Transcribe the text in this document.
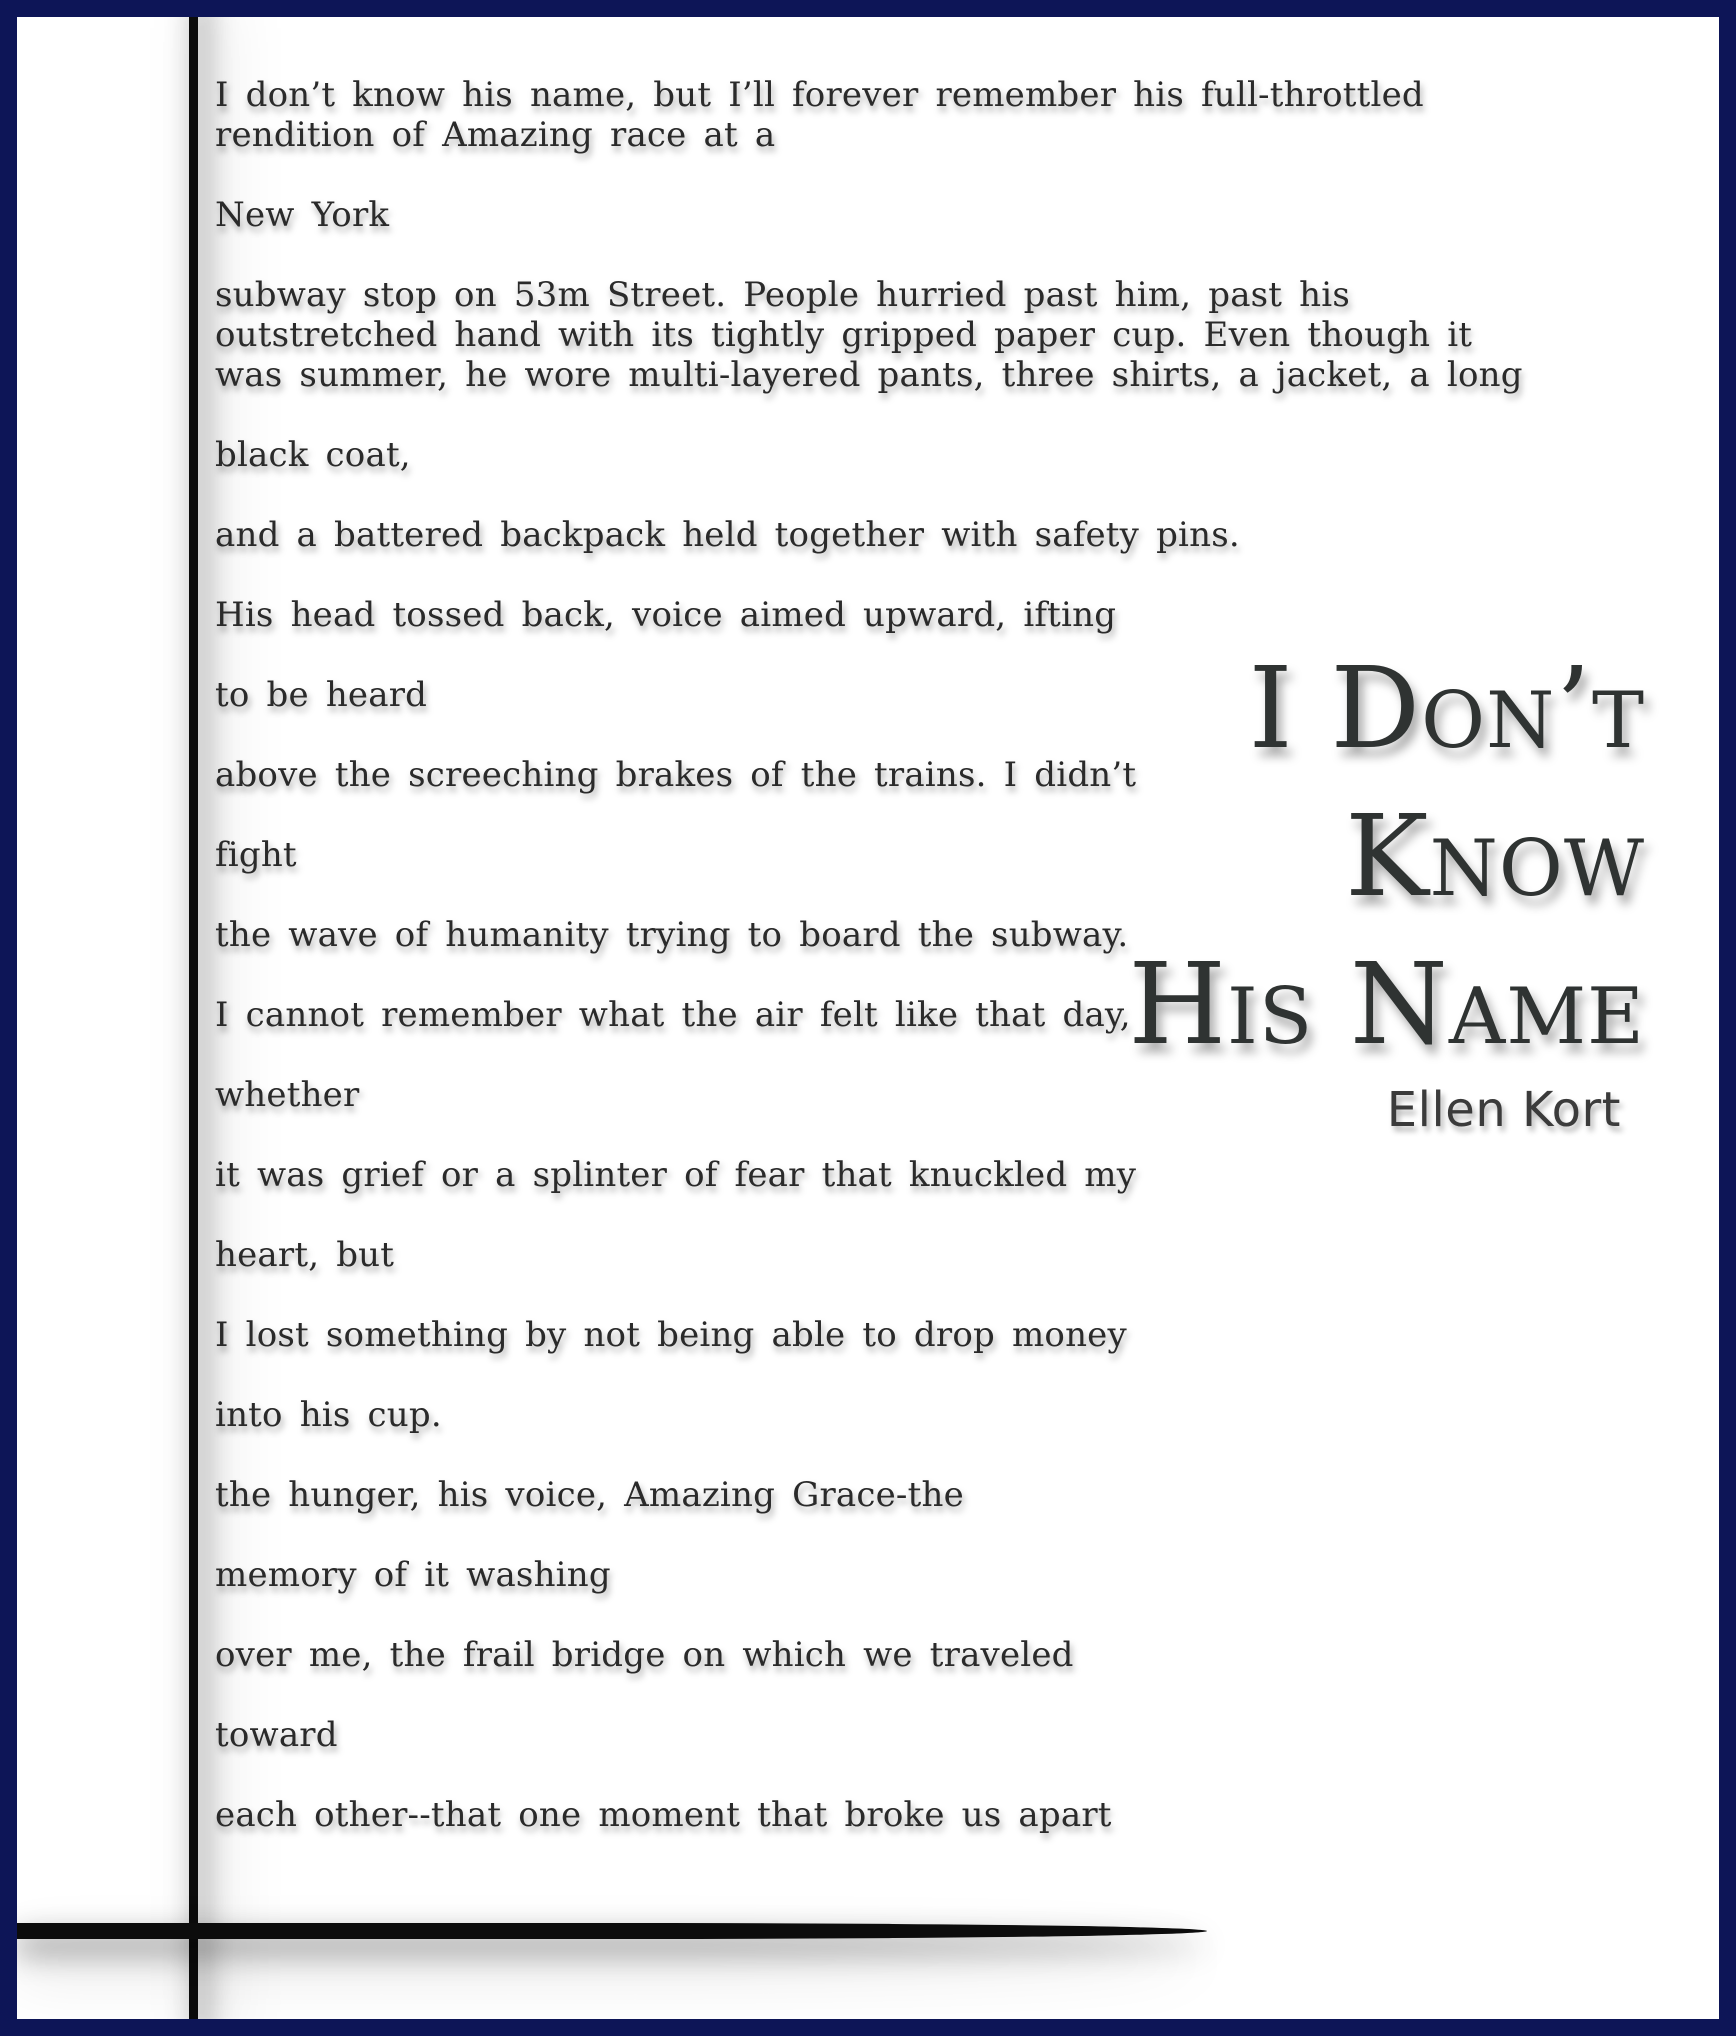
I don’t know his name, but I’ll forever remember his full-throttled
rendition of Amazing race at a
New York
subway stop on 53m Street. People hurried past him, past his
outstretched hand with its tightly gripped paper cup. Even though it
was summer, he wore multi-layered pants, three shirts, a jacket, a long
black coat,
and a battered backpack held together with safety pins.
His head tossed back, voice aimed upward, ifting
to be heard
above the screeching brakes of the trains. I didn’t
fight
the wave of humanity trying to board the subway.
I cannot remember what the air felt like that day,
whether
it was grief or a splinter of fear that knuckled my
heart, but
I lost something by not being able to drop money
into his cup.
the hunger, his voice, Amazing Grace-the
memory of it washing
over me, the frail bridge on which we traveled
toward
each other--that one moment that broke us apart
I Don’t
Know
His Name
Ellen Kort
